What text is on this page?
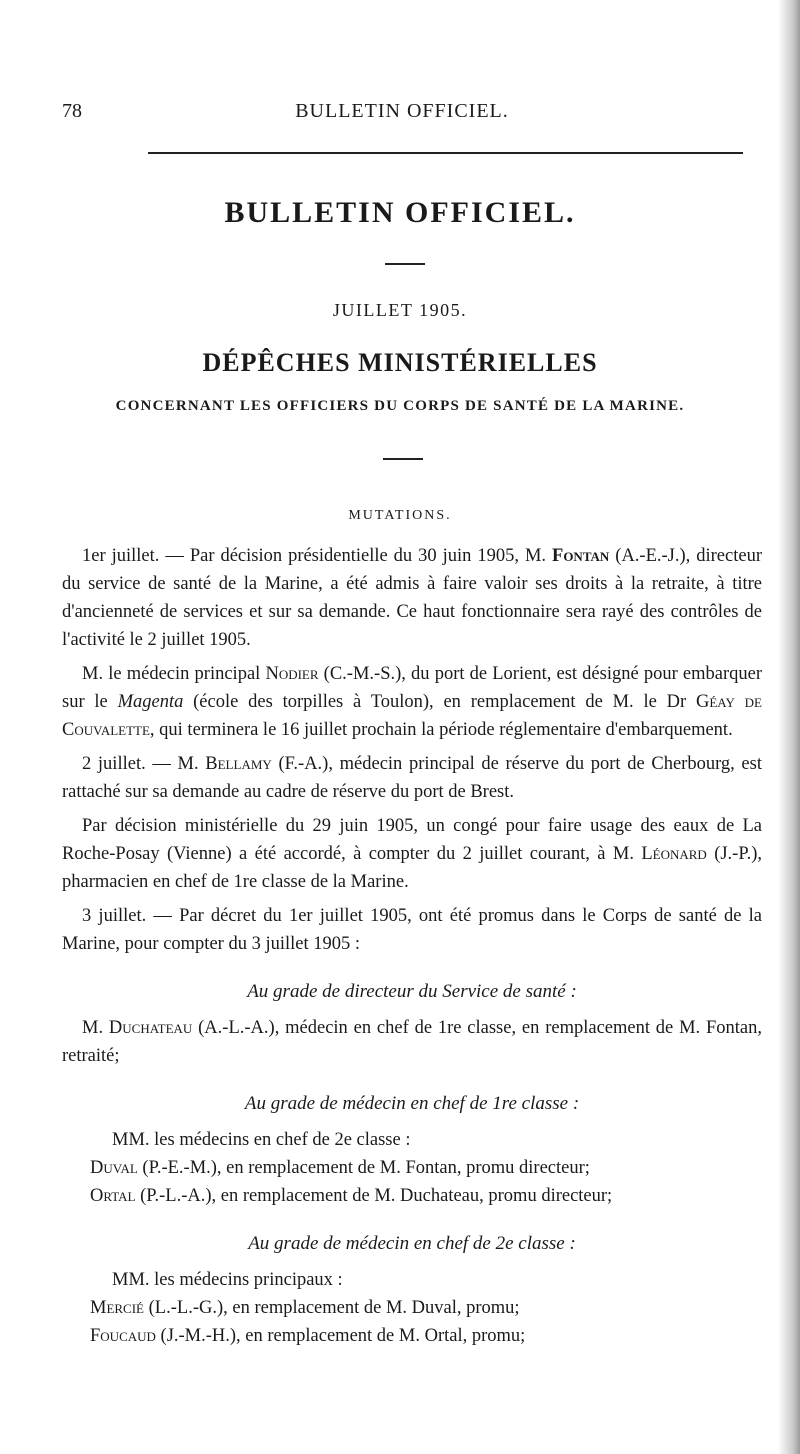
78	BULLETIN OFFICIEL.
BULLETIN OFFICIEL.
JUILLET 1905.
DÉPÊCHES MINISTÉRIELLES
CONCERNANT LES OFFICIERS DU CORPS DE SANTÉ DE LA MARINE.
MUTATIONS.

1er juillet. — Par décision présidentielle du 30 juin 1905, M. Fontan (A.-E.-J.), directeur du service de santé de la Marine, a été admis à faire valoir ses droits à la retraite, à titre d'ancienneté de services et sur sa demande. Ce haut fonctionnaire sera rayé des contrôles de l'activité le 2 juillet 1905.

M. le médecin principal Nodier (C.-M.-S.), du port de Lorient, est désigné pour embarquer sur le Magenta (école des torpilles à Toulon), en remplacement de M. le Dr Géay de Couvalette, qui terminera le 16 juillet prochain la période réglementaire d'embarquement.

2 juillet. — M. Bellamy (F.-A.), médecin principal de réserve du port de Cherbourg, est rattaché sur sa demande au cadre de réserve du port de Brest.

Par décision ministérielle du 29 juin 1905, un congé pour faire usage des eaux de La Roche-Posay (Vienne) a été accordé, à compter du 2 juillet courant, à M. Léonard (J.-P.), pharmacien en chef de 1re classe de la Marine.

3 juillet. — Par décret du 1er juillet 1905, ont été promus dans le Corps de santé de la Marine, pour compter du 3 juillet 1905 :

Au grade de directeur du Service de santé :

M. Duchateau (A.-L.-A.), médecin en chef de 1re classe, en remplacement de M. Fontan, retraité;

Au grade de médecin en chef de 1re classe :

MM. les médecins en chef de 2e classe :

Duval (P.-E.-M.), en remplacement de M. Fontan, promu directeur;

Ortal (P.-L.-A.), en remplacement de M. Duchateau, promu directeur;

Au grade de médecin en chef de 2e classe :

MM. les médecins principaux :

Mercié (L.-L.-G.), en remplacement de M. Duval, promu;

Foucaud (J.-M.-H.), en remplacement de M. Ortal, promu;
